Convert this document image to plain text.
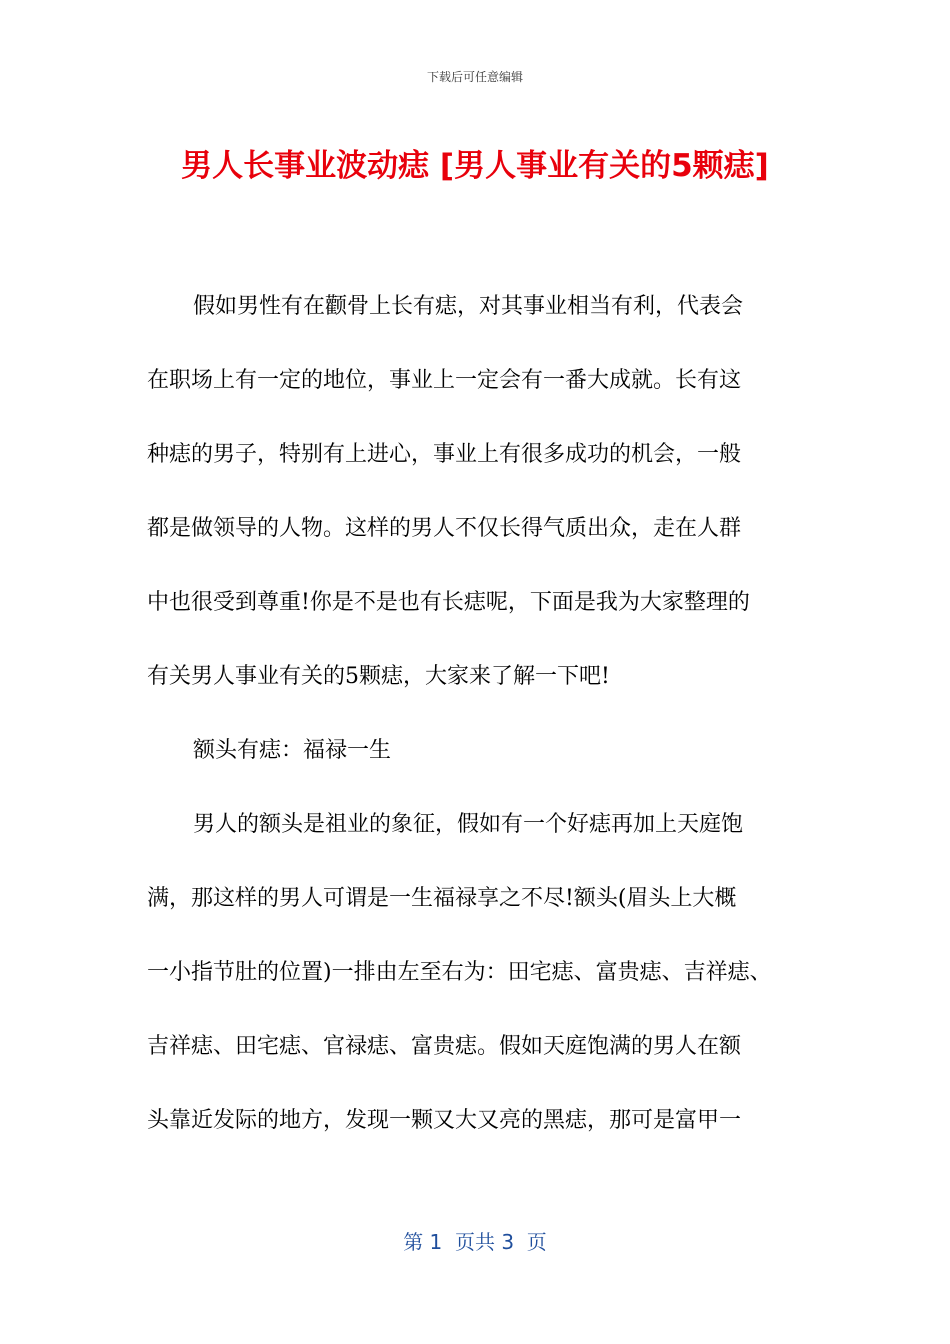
下载后可任意编辑
男人长事业波动痣 [男人事业有关的5颗痣]
假如男性有在颧骨上长有痣，对其事业相当有利，代表会
在职场上有一定的地位，事业上一定会有一番大成就。长有这
种痣的男子，特别有上进心，事业上有很多成功的机会，一般
都是做领导的人物。这样的男人不仅长得气质出众，走在人群
中也很受到尊重!你是不是也有长痣呢，下面是我为大家整理的
有关男人事业有关的5颗痣，大家来了解一下吧!
额头有痣：福禄一生
男人的额头是祖业的象征，假如有一个好痣再加上天庭饱
满，那这样的男人可谓是一生福禄享之不尽!额头(眉头上大概
一小指节肚的位置)一排由左至右为：田宅痣、富贵痣、吉祥痣、
吉祥痣、田宅痣、官禄痣、富贵痣。假如天庭饱满的男人在额
头靠近发际的地方，发现一颗又大又亮的黑痣，那可是富甲一
第 1  页共 3  页
